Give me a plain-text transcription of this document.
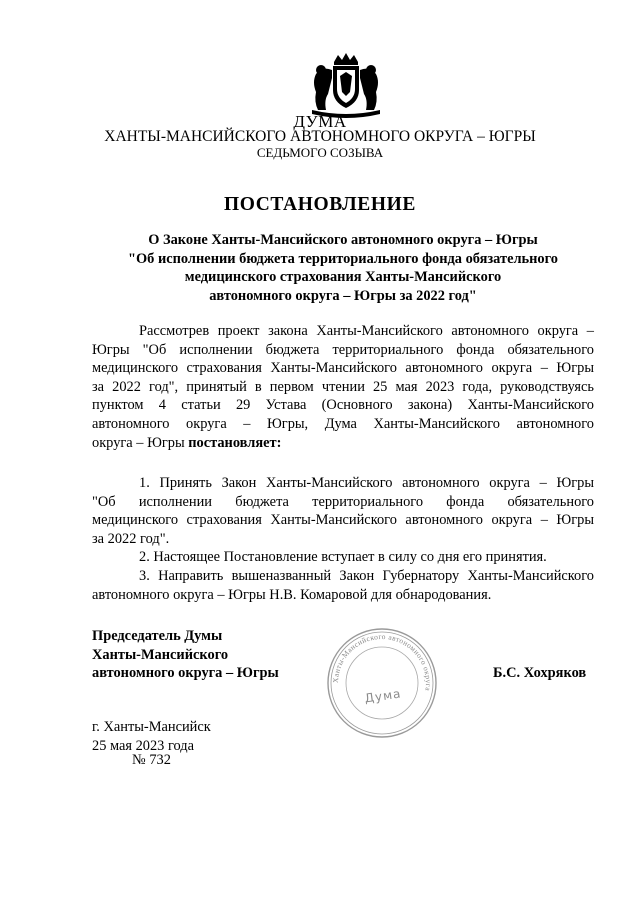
ДУМА
ХАНТЫ-МАНСИЙСКОГО АВТОНОМНОГО ОКРУГА – ЮГРЫ
СЕДЬМОГО СОЗЫВА
ПОСТАНОВЛЕНИЕ
О Законе Ханты-Мансийского автономного округа – Югры
"Об исполнении бюджета территориального фонда обязательного
медицинского страхования Ханты-Мансийского
автономного округа – Югры за 2022 год"
Рассмотрев проект закона Ханты-Мансийского автономного округа –
Югры "Об исполнении бюджета территориального фонда обязательного
медицинского страхования Ханты-Мансийского автономного округа – Югры
за 2022 год", принятый в первом чтении 25 мая 2023 года, руководствуясь
пунктом 4 статьи 29 Устава (Основного закона) Ханты-Мансийского
автономного округа – Югры, Дума Ханты-Мансийского автономного
округа – Югры постановляет:
1. Принять Закон Ханты-Мансийского автономного округа – Югры
"Об исполнении бюджета территориального фонда обязательного
медицинского страхования Ханты-Мансийского автономного округа – Югры
за 2022 год".
2. Настоящее Постановление вступает в силу со дня его принятия.
3. Направить вышеназванный Закон Губернатору Ханты-Мансийского
автономного округа – Югры Н.В. Комаровой для обнародования.
Председатель Думы
Ханты-Мансийского
автономного округа – Югры	Ханты-Мансийского автономного округа
Дума
Б.С. Хохряков
г. Ханты-Мансийск
25 мая 2023 года
№ 732
